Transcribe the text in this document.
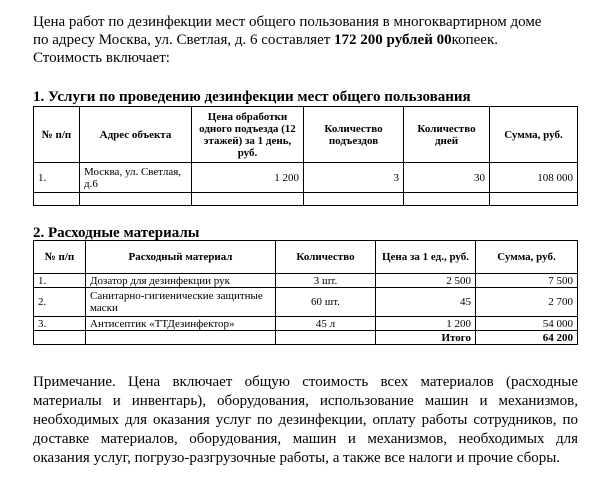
Цена работ по дезинфекции мест общего пользования в многоквартирном доме
по адресу Москва, ул. Светлая, д. 6 составляет 172 200 рублей 00копеек.
Стоимость включает:
1. Услуги по проведению дезинфекции мест общего пользования
№ п/п	Адрес объекта	Цена обработки одного подъезда (12 этажей) за 1 день, руб.	Количество подъездов	Количество дней	Сумма, руб.
1.	Москва, ул. Светлая, д.6	1 200	3	30	108 000

2. Расходные материалы
№ п/п	Расходный материал	Количество	Цена за 1 ед., руб.	Сумма, руб.
1.	Дозатор для дезинфекции рук	3 шт.	2 500	7 500
2.	Санитарно-гигиенические защитные маски	60 шт.	45	2 700
3.	Антисептик «ТТДезинфектор»	45 л	1 200	54 000
			Итого	64 200
Примечание. Цена включает общую стоимость всех материалов (расходные материалы и инвентарь), оборудования, использование машин и механизмов, необходимых для оказания услуг по дезинфекции, оплату работы сотрудников, по доставке материалов, оборудования, машин и механизмов, необходимых для оказания услуг, погрузо-разгрузочные работы, а также все налоги и прочие сборы.
